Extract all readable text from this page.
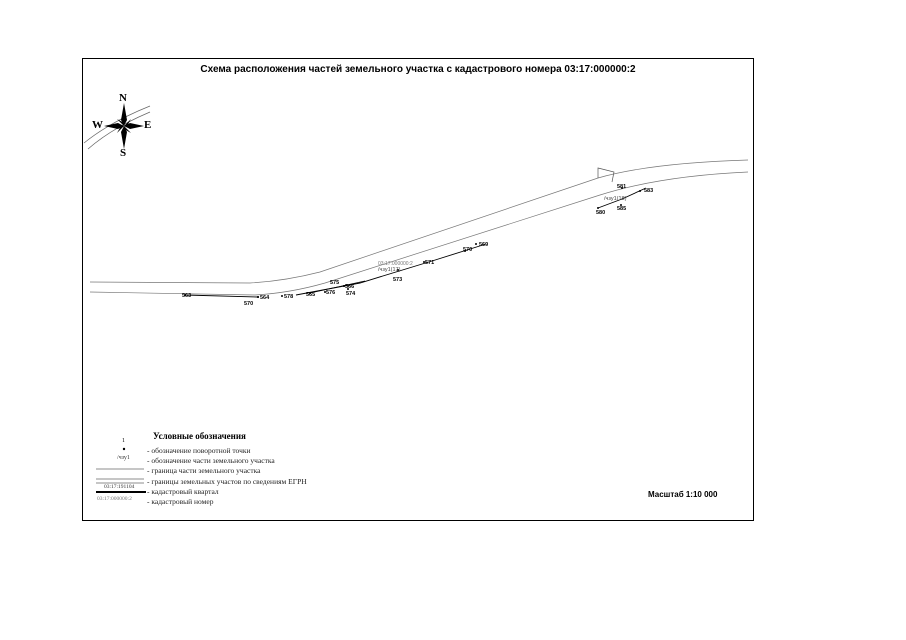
Схема расположения частей земельного участка с кадастрового номера 03:17:000000:2
563
570
564	578 565 576
575
566
574
573
571
570
569
581
583
580
585
03:17:000000:2
/чзу1(17)
/чзу1(18)
N
S
W	E
Условные обозначения
1
/чзу1
03:17:191104
03:17:000000:2
- обозначение поворотной точки
- обозначение части земельного участка
- граница части земельного участка
- границы земельных участов по сведениям ЕГРН
- кадастровый квартал
- кадастровый номер
Масштаб 1:10 000
